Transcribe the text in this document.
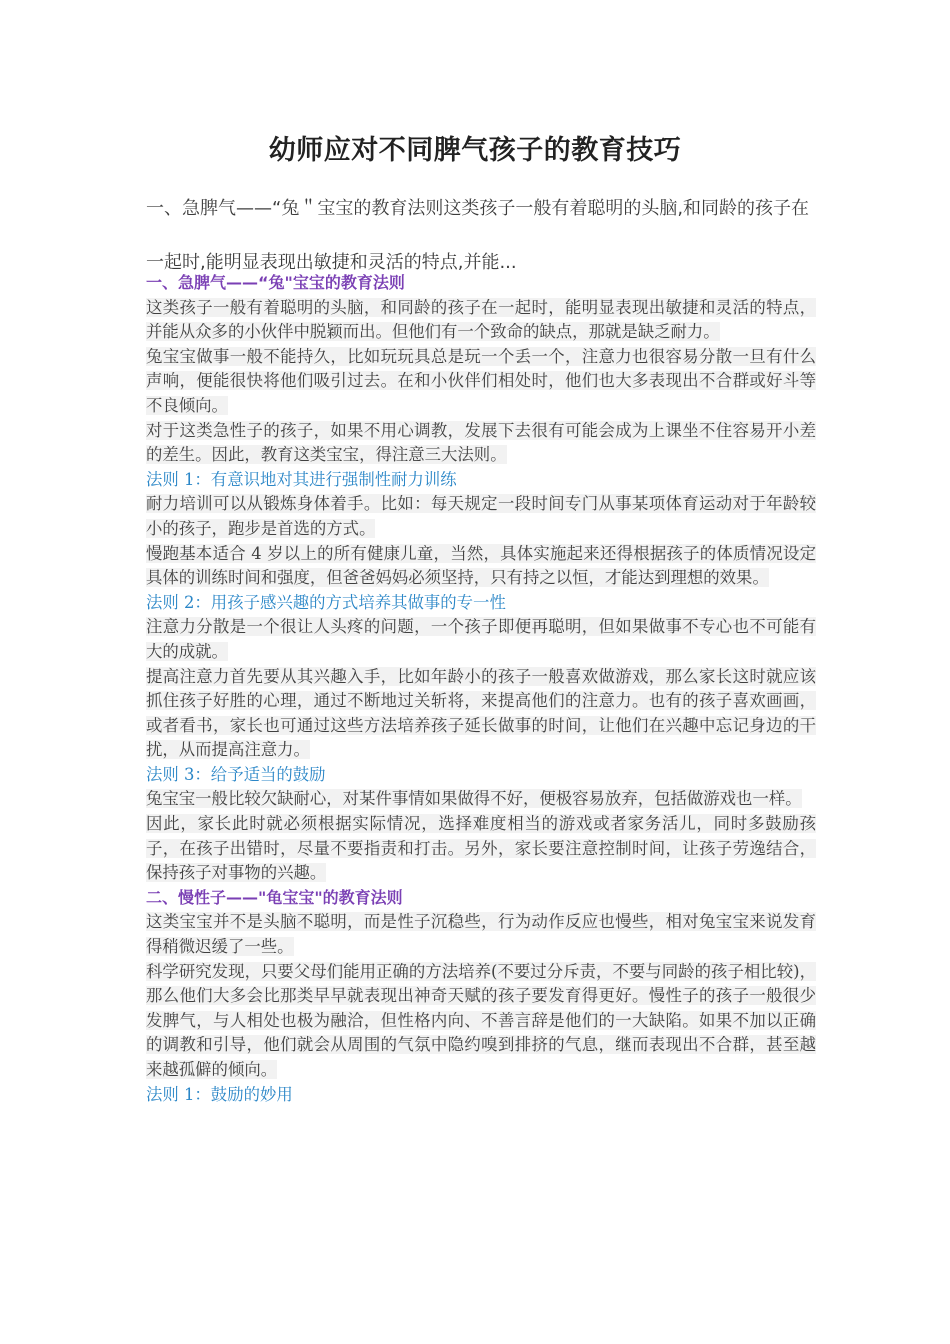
幼师应对不同脾气孩子的教育技巧

一、急脾气——“兔＂宝宝的教育法则这类孩子一般有着聪明的头脑,和同龄的孩子在一起时,能明显表现出敏捷和灵活的特点,并能...

一、急脾气——“兔"宝宝的教育法则

这类孩子一般有着聪明的头脑，和同龄的孩子在一起时，能明显表现出敏捷和灵活的特点，并能从众多的小伙伴中脱颖而出。但他们有一个致命的缺点，那就是缺乏耐力。

兔宝宝做事一般不能持久，比如玩玩具总是玩一个丢一个，注意力也很容易分散一旦有什么声响，便能很快将他们吸引过去。在和小伙伴们相处时，他们也大多表现出不合群或好斗等不良倾向。

对于这类急性子的孩子，如果不用心调教，发展下去很有可能会成为上课坐不住容易开小差的差生。因此，教育这类宝宝，得注意三大法则。

法则 1：有意识地对其进行强制性耐力训练

耐力培训可以从锻炼身体着手。比如：每天规定一段时间专门从事某项体育运动对于年龄较小的孩子，跑步是首选的方式。

慢跑基本适合 4 岁以上的所有健康儿童，当然，具体实施起来还得根据孩子的体质情况设定具体的训练时间和强度，但爸爸妈妈必须坚持，只有持之以恒，才能达到理想的效果。

法则 2：用孩子感兴趣的方式培养其做事的专一性

注意力分散是一个很让人头疼的问题，一个孩子即便再聪明，但如果做事不专心也不可能有大的成就。

提高注意力首先要从其兴趣入手，比如年龄小的孩子一般喜欢做游戏，那么家长这时就应该抓住孩子好胜的心理，通过不断地过关斩将，来提高他们的注意力。也有的孩子喜欢画画，或者看书，家长也可通过这些方法培养孩子延长做事的时间，让他们在兴趣中忘记身边的干扰，从而提高注意力。

法则 3：给予适当的鼓励

兔宝宝一般比较欠缺耐心，对某件事情如果做得不好，便极容易放弃，包括做游戏也一样。

因此，家长此时就必须根据实际情况，选择难度相当的游戏或者家务活儿，同时多鼓励孩子，在孩子出错时，尽量不要指责和打击。另外，家长要注意控制时间，让孩子劳逸结合，保持孩子对事物的兴趣。

二、慢性子——"龟宝宝"的教育法则

这类宝宝并不是头脑不聪明，而是性子沉稳些，行为动作反应也慢些，相对兔宝宝来说发育得稍微迟缓了一些。

科学研究发现，只要父母们能用正确的方法培养(不要过分斥责，不要与同龄的孩子相比较)，那么他们大多会比那类早早就表现出神奇天赋的孩子要发育得更好。慢性子的孩子一般很少发脾气，与人相处也极为融洽，但性格内向、不善言辞是他们的一大缺陷。如果不加以正确的调教和引导，他们就会从周围的气氛中隐约嗅到排挤的气息，继而表现出不合群，甚至越来越孤僻的倾向。

法则 1：鼓励的妙用
